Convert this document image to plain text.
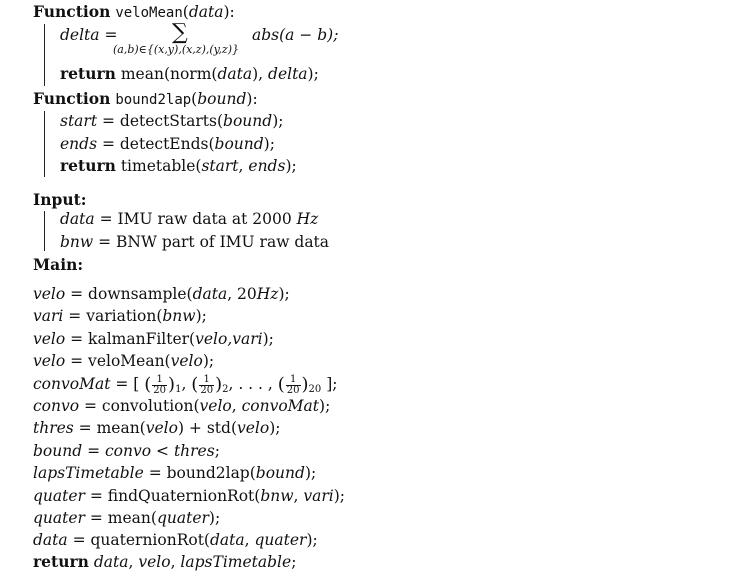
Function veloMean(data):
delta = ∑
(a,b)∈{(x,y),(x,z),(y,z)}
abs(a − b);
return mean(norm(data), delta);
Function bound2lap(bound):
start = detectStarts(bound);
ends = detectEnds(bound);
return timetable(start, ends);
Input:
data = IMU raw data at 2000 Hz
bnw = BNW part of IMU raw data
Main:
velo = downsample(data, 20Hz);
vari = variation(bnw);
velo = kalmanFilter(velo,vari);
velo = veloMean(velo);
convoMat = [ ( $\frac{1}{20} )_1$, ( $\frac{1}{20} )_2$, . . . , ( $\frac{1}{20} )_{20}$ ];
convo = convolution(velo, convoMat);
thres = mean(velo) + std(velo);
bound = convo < thres;
lapsTimetable = bound2lap(bound);
quater = findQuaternionRot(bnw, vari);
quater = mean(quater);
data = quaternionRot(data, quater);
return data, velo, lapsTimetable;
